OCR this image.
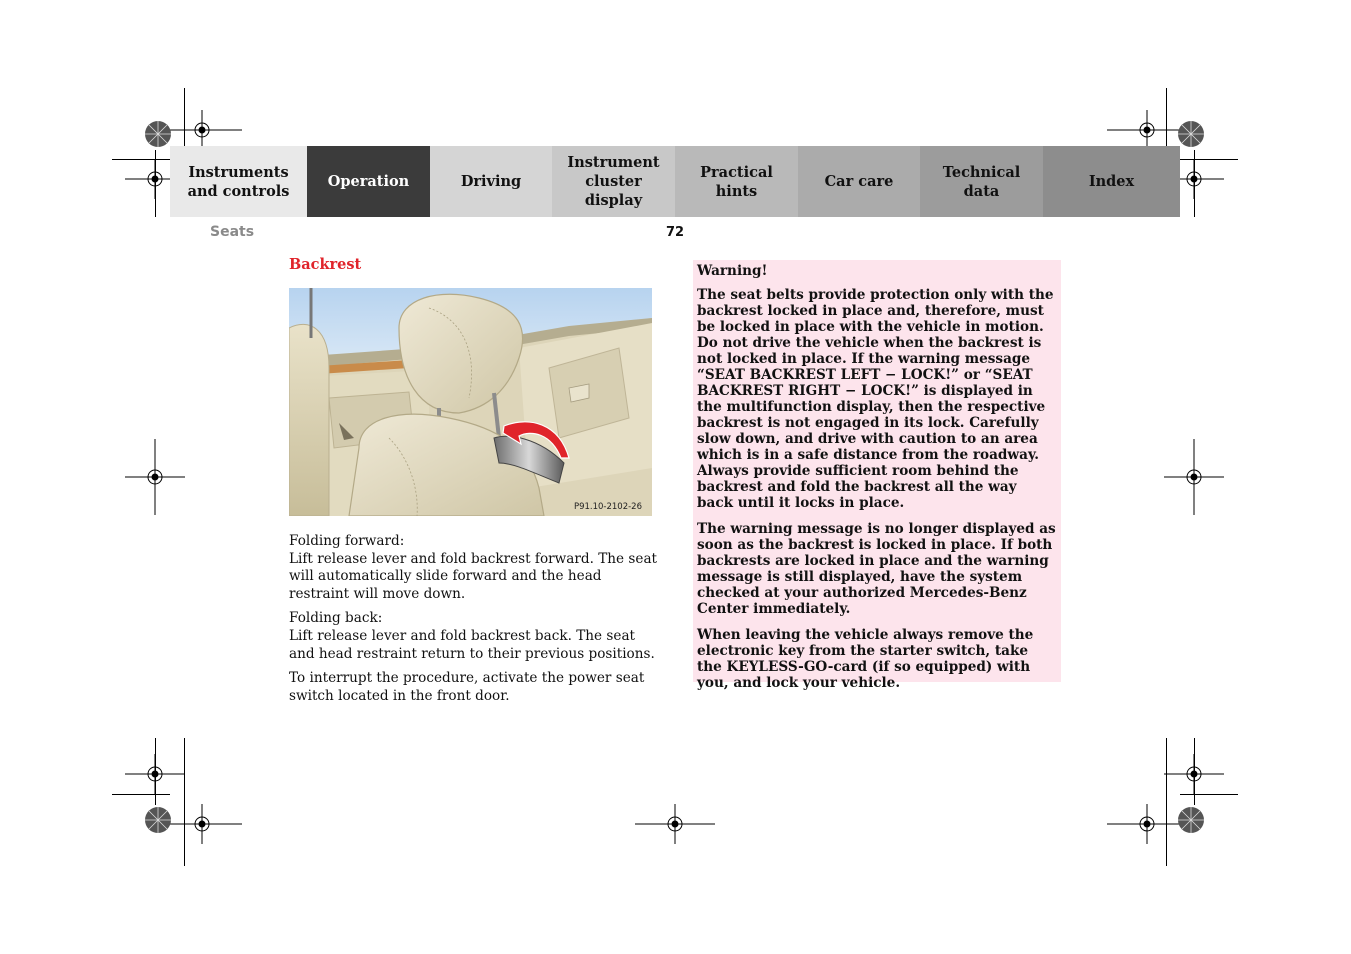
Instruments
and controls
Operation	Driving
Instrument
cluster display
Practical hints
Car care
Technical
data
Index
Seats	72
Backrest
P91.10-2102-26

Folding forward:
Lift release lever and fold backrest forward. The seat will automatically slide forward and the head restraint will move down.

Folding back:
Lift release lever and fold backrest back. The seat and head restraint return to their previous positions.

To interrupt the procedure, activate the power seat switch located in the front door.

Warning!

The seat belts provide protection only with the backrest locked in place and, therefore, must be locked in place with the vehicle in motion. Do not drive the vehicle when the backrest is not locked in place. If the warning message “SEAT BACKREST LEFT − LOCK!” or “SEAT BACKREST RIGHT − LOCK!” is displayed in the multifunction display, then the respective backrest is not engaged in its lock. Carefully slow down, and drive with caution to an area which is in a safe distance from the roadway. Always provide sufficient room behind the backrest and fold the backrest all the way back until it locks in place.

The warning message is no longer displayed as soon as the backrest is locked in place. If both backrests are locked in place and the warning message is still displayed, have the system checked at your authorized Mercedes-Benz Center immediately.

When leaving the vehicle always remove the electronic key from the starter switch, take the KEYLESS-GO-card (if so equipped) with you, and lock your vehicle.
